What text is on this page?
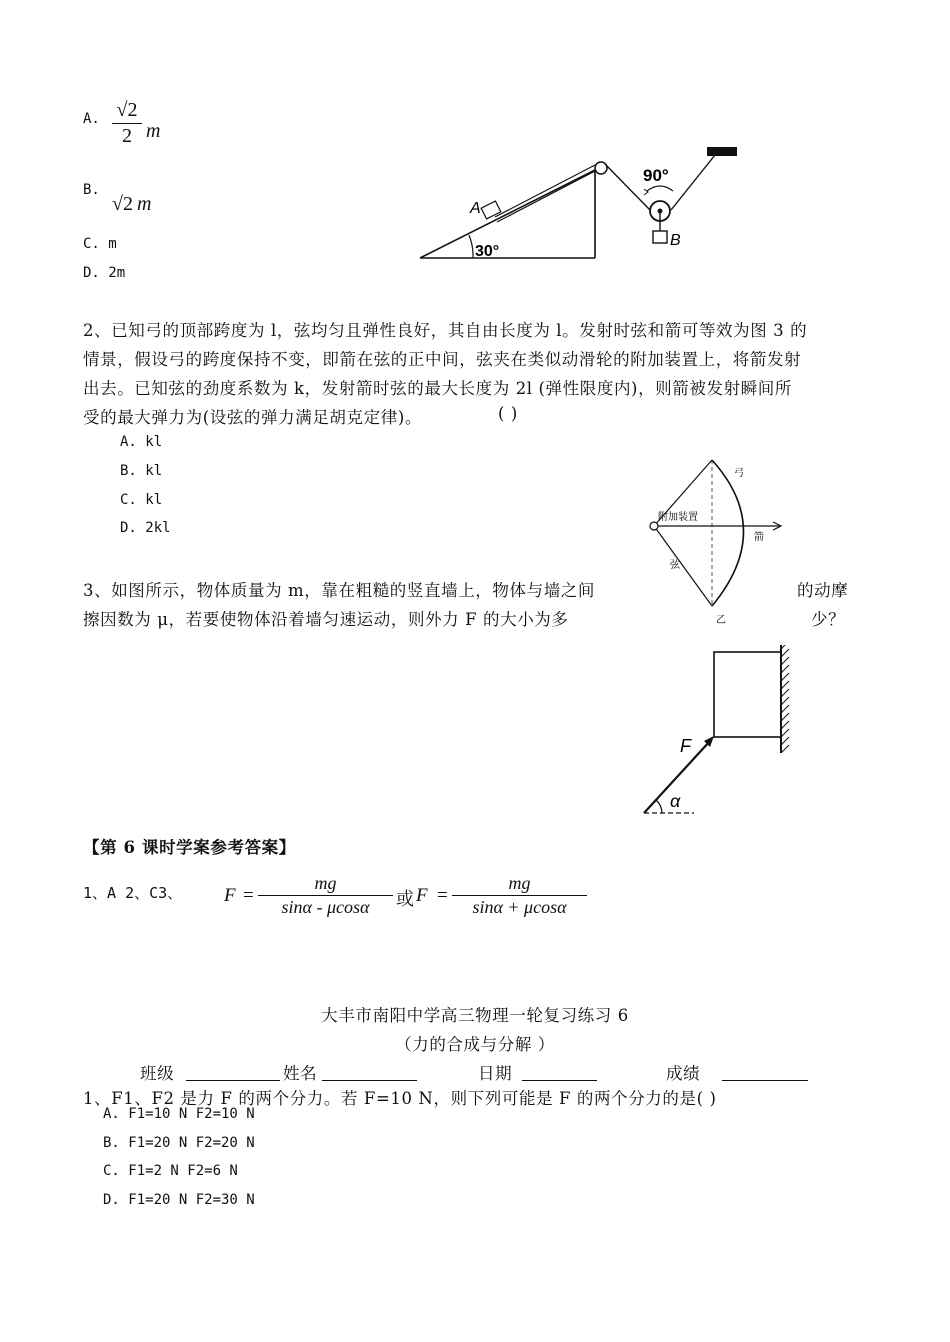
A. √2
2 m
B.
√2 m
C. m
D. 2m
A
30°
90°
B
2、已知弓的顶部跨度为 l，弦均匀且弹性良好，其自由长度为 l。发射时弦和箭可等效为图 3 的
情景，假设弓的跨度保持不变，即箭在弦的正中间，弦夹在类似动滑轮的附加装置上，将箭发射
出去。已知弦的劲度系数为 k，发射箭时弦的最大长度为 2l (弹性限度内)，则箭被发射瞬间所
受的最大弹力为(设弦的弹力满足胡克定律)。	( )
A. kl
B. kl
C. kl
D. 2kl
弓
附加装置
箭
弦
乙
3、如图所示，物体质量为 m，靠在粗糙的竖直墙上，物体与墙之间	的动摩
擦因数为 μ，若要使物体沿着墙匀速运动，则外力 F 的大小为多	少？
F
α
【第 6 课时学案参考答案】
1、A 2、C3、 F =
mg
sinα - μcosα	或 F =
mg
sinα + μcosα
大丰市南阳中学高三物理一轮复习练习 6
（力的合成与分解 ）
班级	姓名	日期	成绩
1、F1、F2 是力 F 的两个分力。若 F=10 N，则下列可能是 F 的两个分力的是( )
A. F1=10 N F2=10 N
B. F1=20 N F2=20 N
C. F1=2 N F2=6 N
D. F1=20 N F2=30 N
